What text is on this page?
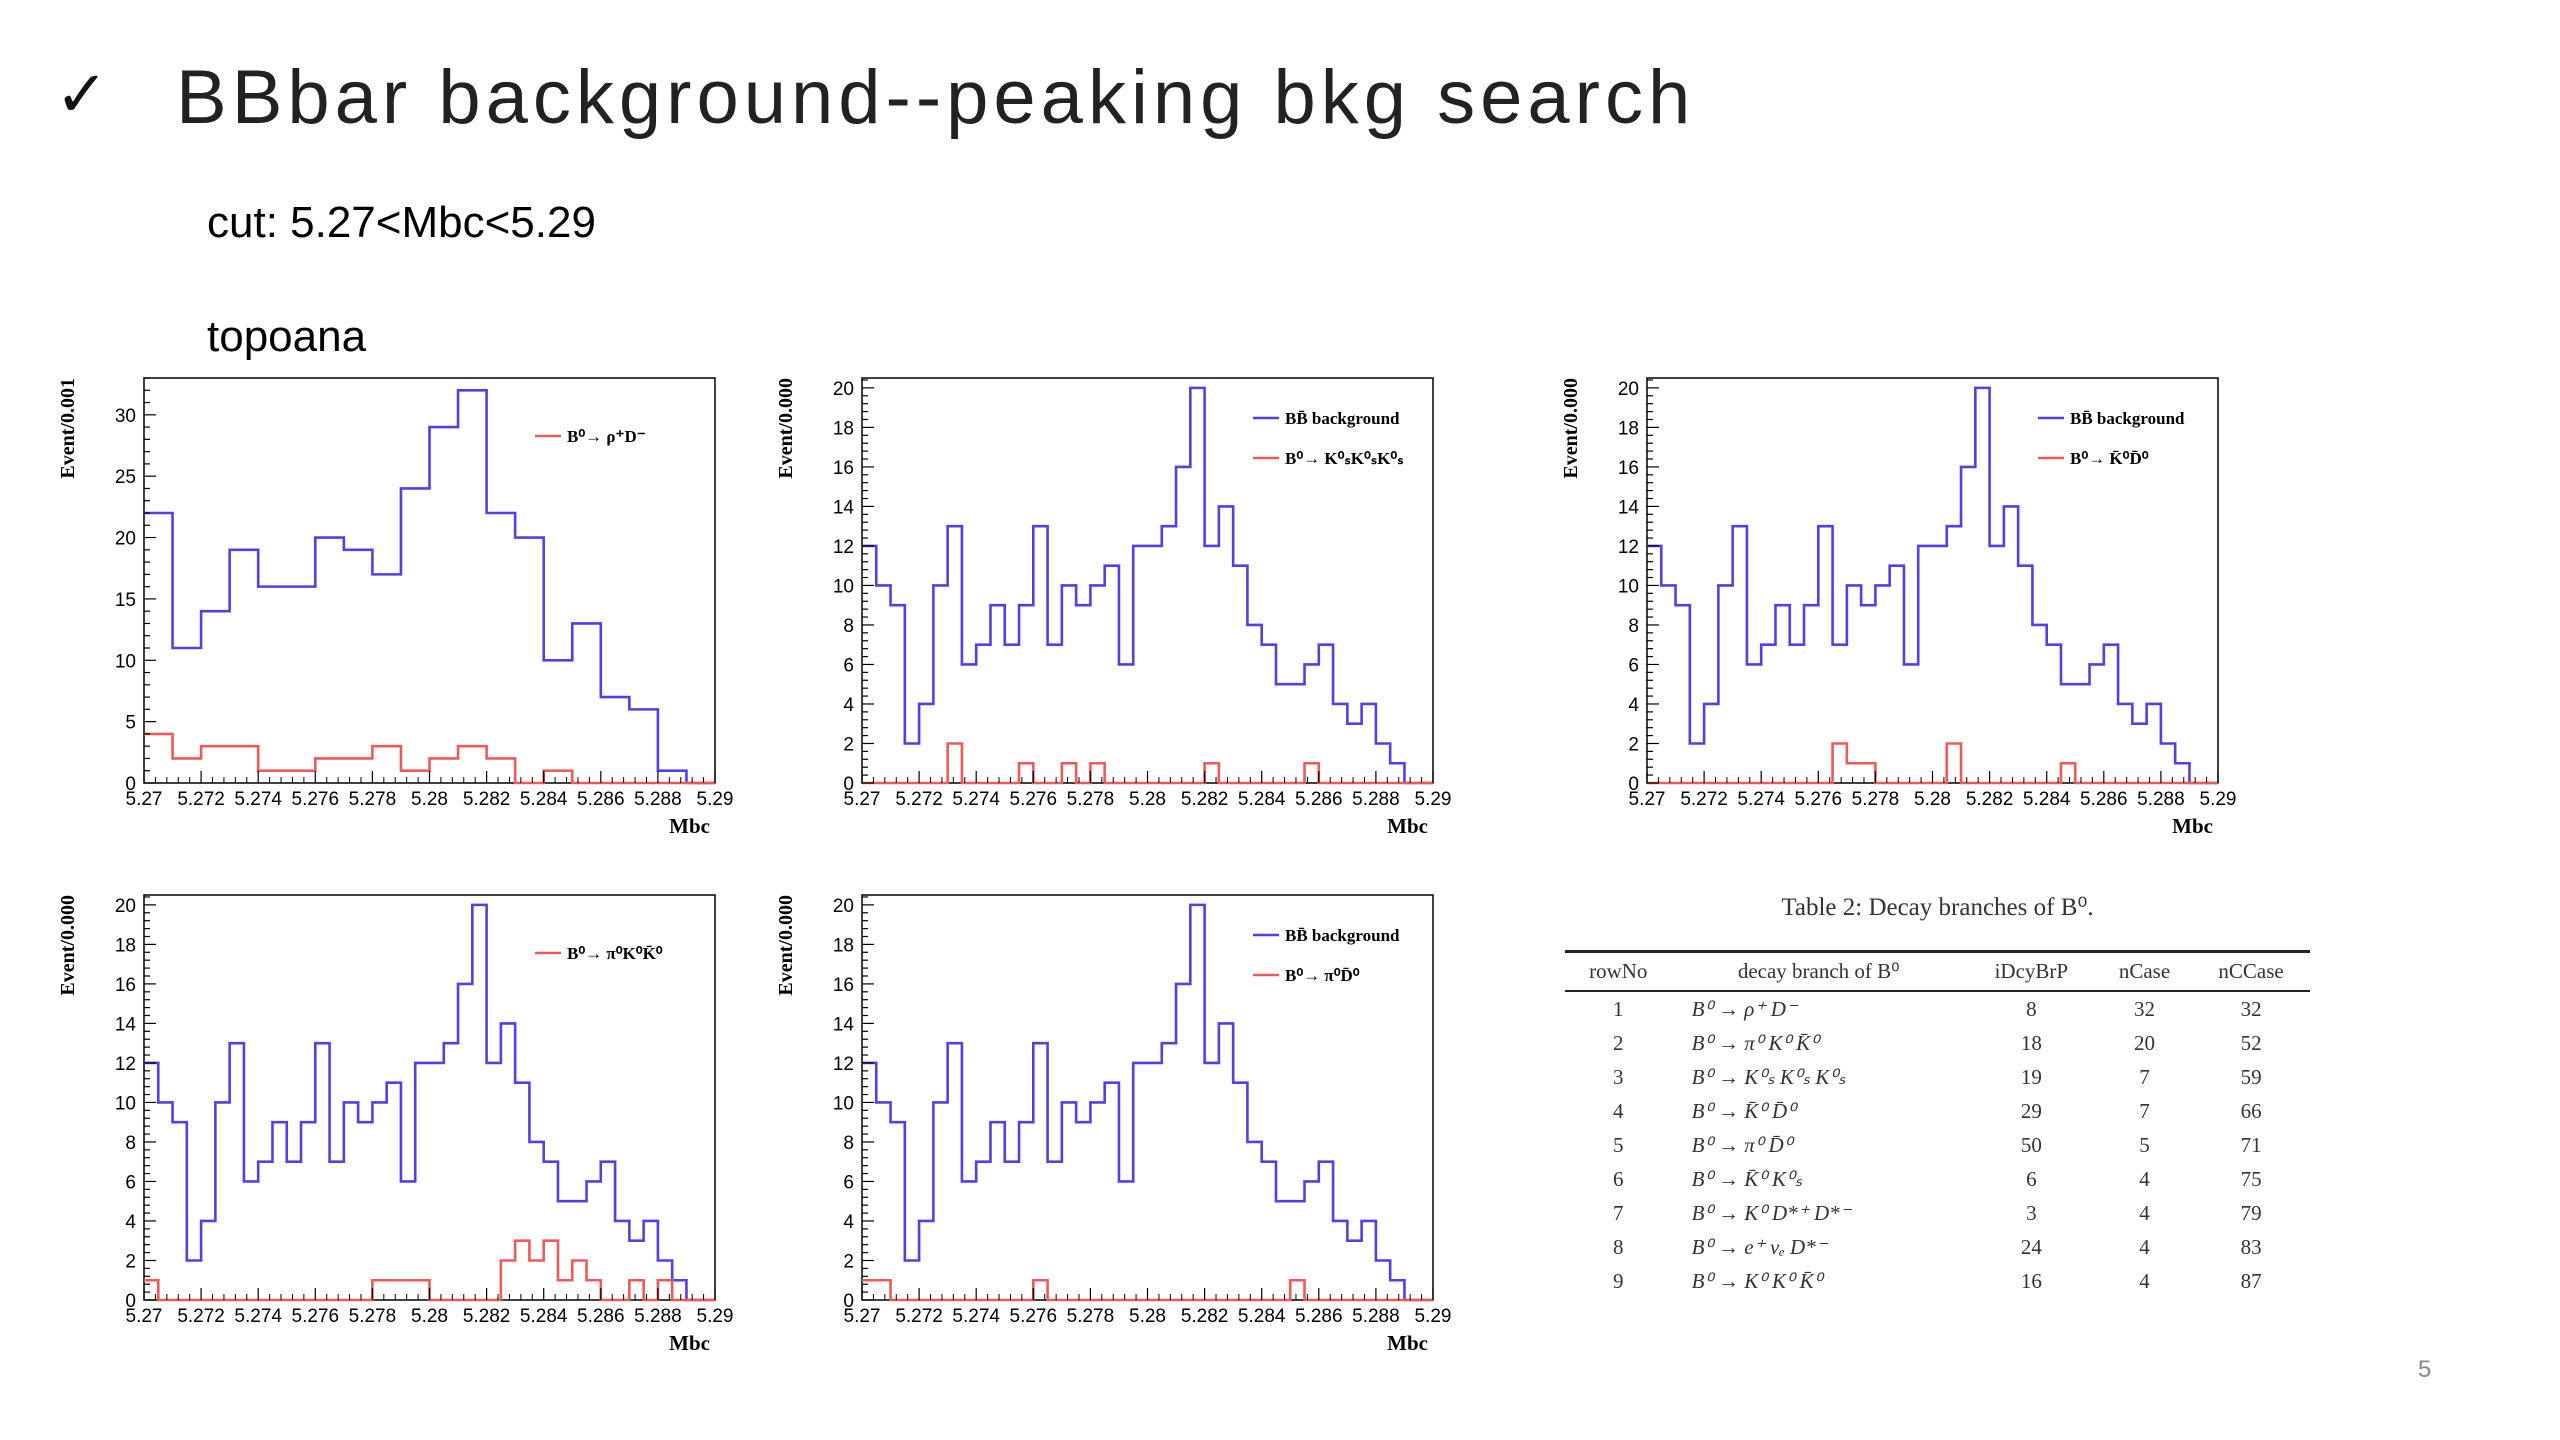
✓ BBbar background--peaking bkg search
cut: 5.27<Mbc<5.29
topoana
0
5
10
15
20
25
30
5.27 5.272 5.274 5.276 5.278 5.28 5.282 5.284 5.286 5.288 5.29
Mbc
Event/0.001	B⁰→ ρ⁺D⁻
0
2
4
6
8
10
12
14
16
18
20
5.27 5.272 5.274 5.276 5.278 5.28 5.282 5.284 5.286 5.288 5.29
Mbc
Event/0.000	BB̄ background
B⁰→ K⁰ₛK⁰ₛK⁰ₛ
0
2
4
6
8
10
12
14
16
18
20
5.27 5.272 5.274 5.276 5.278 5.28 5.282 5.284 5.286 5.288 5.29
Mbc
Event/0.000	BB̄ background
B⁰→ K̄⁰D̄⁰
0
2
4
6
8
10
12
14
16
18
20
5.27 5.272 5.274 5.276 5.278 5.28 5.282 5.284 5.286 5.288 5.29
Mbc
Event/0.000	B⁰→ π⁰K⁰K̄⁰
0
2
4
6
8
10
12
14
16
18
20
5.27 5.272 5.274 5.276 5.278 5.28 5.282 5.284 5.286 5.288 5.29
Mbc
Event/0.000	BB̄ background
B⁰→ π⁰D̄⁰
Table 2: Decay branches of B⁰.
rowNo	decay branch of B⁰	iDcyBrP	nCase	nCCase
1	B⁰ → ρ⁺ D⁻	8	32	32
2	B⁰ → π⁰ K⁰ K̄⁰	18	20	52
3	B⁰ → K⁰ₛ K⁰ₛ K⁰ₛ	19	7	59
4	B⁰ → K̄⁰ D̄⁰	29	7	66
5	B⁰ → π⁰ D̄⁰	50	5	71
6	B⁰ → K̄⁰ K⁰ₛ	6	4	75
7	B⁰ → K⁰ D*⁺ D*⁻	3	4	79
8	B⁰ → e⁺ νₑ D*⁻	24	4	83
9	B⁰ → K⁰ K⁰ K̄⁰	16	4	87
5
